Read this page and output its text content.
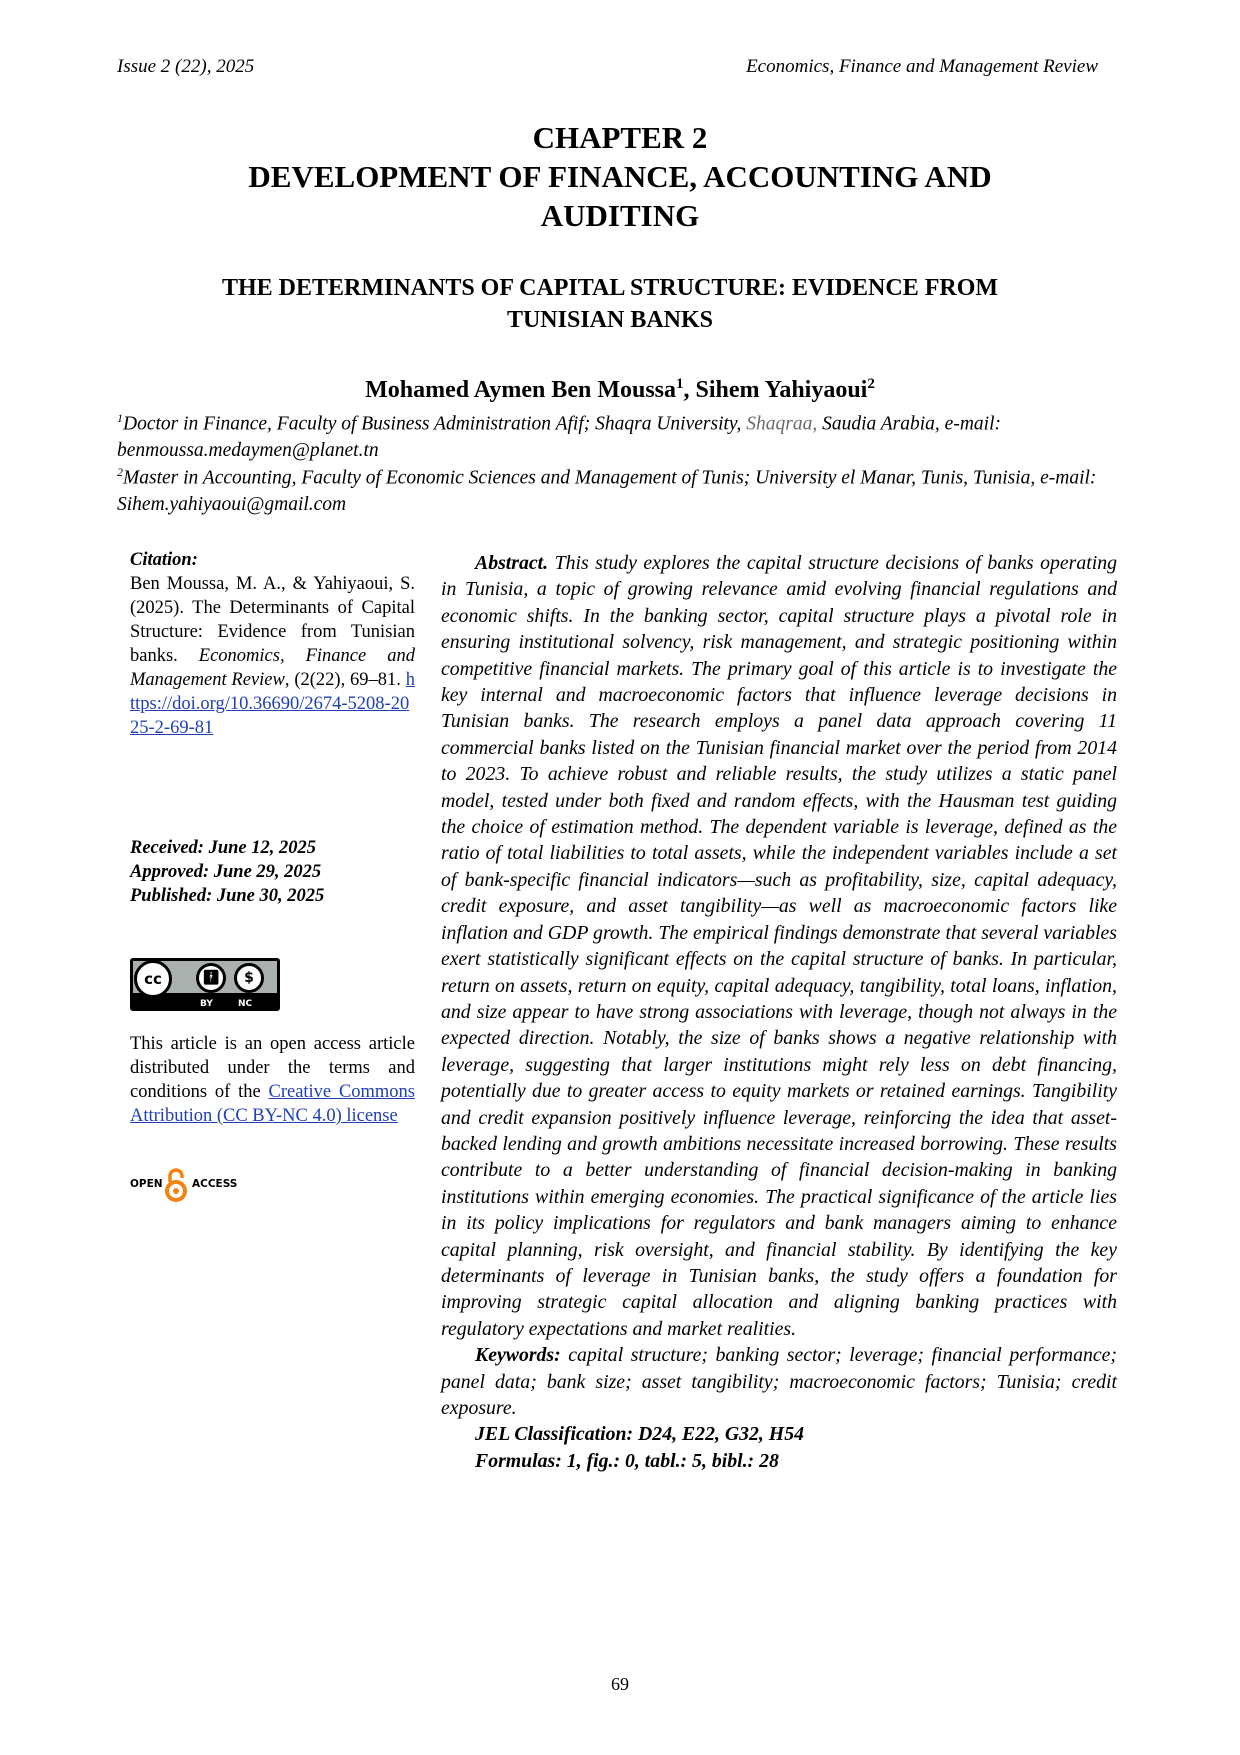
Issue 2 (22), 2025	Economics, Finance and Management Review
CHAPTER 2
DEVELOPMENT OF FINANCE, ACCOUNTING AND
AUDITING
THE DETERMINANTS OF CAPITAL STRUCTURE: EVIDENCE FROM
TUNISIAN BANKS
Mohamed Aymen Ben Moussa$^1$, Sihem Yahiyaoui$^2$
$^1$Doctor in Finance, Faculty of Business Administration Afif; Shaqra University, Shaqraa, Saudia Arabia, e-mail: benmoussa.medaymen@planet.tn
$^2$Master in Accounting, Faculty of Economic Sciences and Management of Tunis; University el Manar, Tunis, Tunisia, e-mail: Sihem.yahiyaoui@gmail.com
Citation:
Ben Moussa, M. A., & Yahiyaoui, S. (2025). The Determinants of Capital Structure: Evidence from Tunisian banks. Economics, Finance and Management Review, (2(22), 69–81. https://doi.org/10.36690/2674-5208-2025-2-69-81
Received: June 12, 2025
Approved: June 29, 2025
Published: June 30, 2025
cc	🚹︎	$
BY	NC
This article is an open access article distributed under the terms and conditions of the Creative Commons Attribution (CC BY-NC 4.0) license
OPEN	ACCESS

Abstract. This study explores the capital structure decisions of banks operating in Tunisia, a topic of growing relevance amid evolving financial regulations and economic shifts. In the banking sector, capital structure plays a pivotal role in ensuring institutional solvency, risk management, and strategic positioning within competitive financial markets. The primary goal of this article is to investigate the key internal and macroeconomic factors that influence leverage decisions in Tunisian banks. The research employs a panel data approach covering 11 commercial banks listed on the Tunisian financial market over the period from 2014 to 2023. To achieve robust and reliable results, the study utilizes a static panel model, tested under both fixed and random effects, with the Hausman test guiding the choice of estimation method. The dependent variable is leverage, defined as the ratio of total liabilities to total assets, while the independent variables include a set of bank-specific financial indicators—such as profitability, size, capital adequacy, credit exposure, and asset tangibility—as well as macroeconomic factors like inflation and GDP growth. The empirical findings demonstrate that several variables exert statistically significant effects on the capital structure of banks. In particular, return on assets, return on equity, capital adequacy, tangibility, total loans, inflation, and size appear to have strong associations with leverage, though not always in the expected direction. Notably, the size of banks shows a negative relationship with leverage, suggesting that larger institutions might rely less on debt financing, potentially due to greater access to equity markets or retained earnings. Tangibility and credit expansion positively influence leverage, reinforcing the idea that asset-backed lending and growth ambitions necessitate increased borrowing. These results contribute to a better understanding of financial decision-making in banking institutions within emerging economies. The practical significance of the article lies in its policy implications for regulators and bank managers aiming to enhance capital planning, risk oversight, and financial stability. By identifying the key determinants of leverage in Tunisian banks, the study offers a foundation for improving strategic capital allocation and aligning banking practices with regulatory expectations and market realities.

Keywords: capital structure; banking sector; leverage; financial performance; panel data; bank size; asset tangibility; macroeconomic factors; Tunisia; credit exposure.

JEL Classification: D24, E22, G32, H54

Formulas: 1, fig.: 0, tabl.: 5, bibl.: 28

69
